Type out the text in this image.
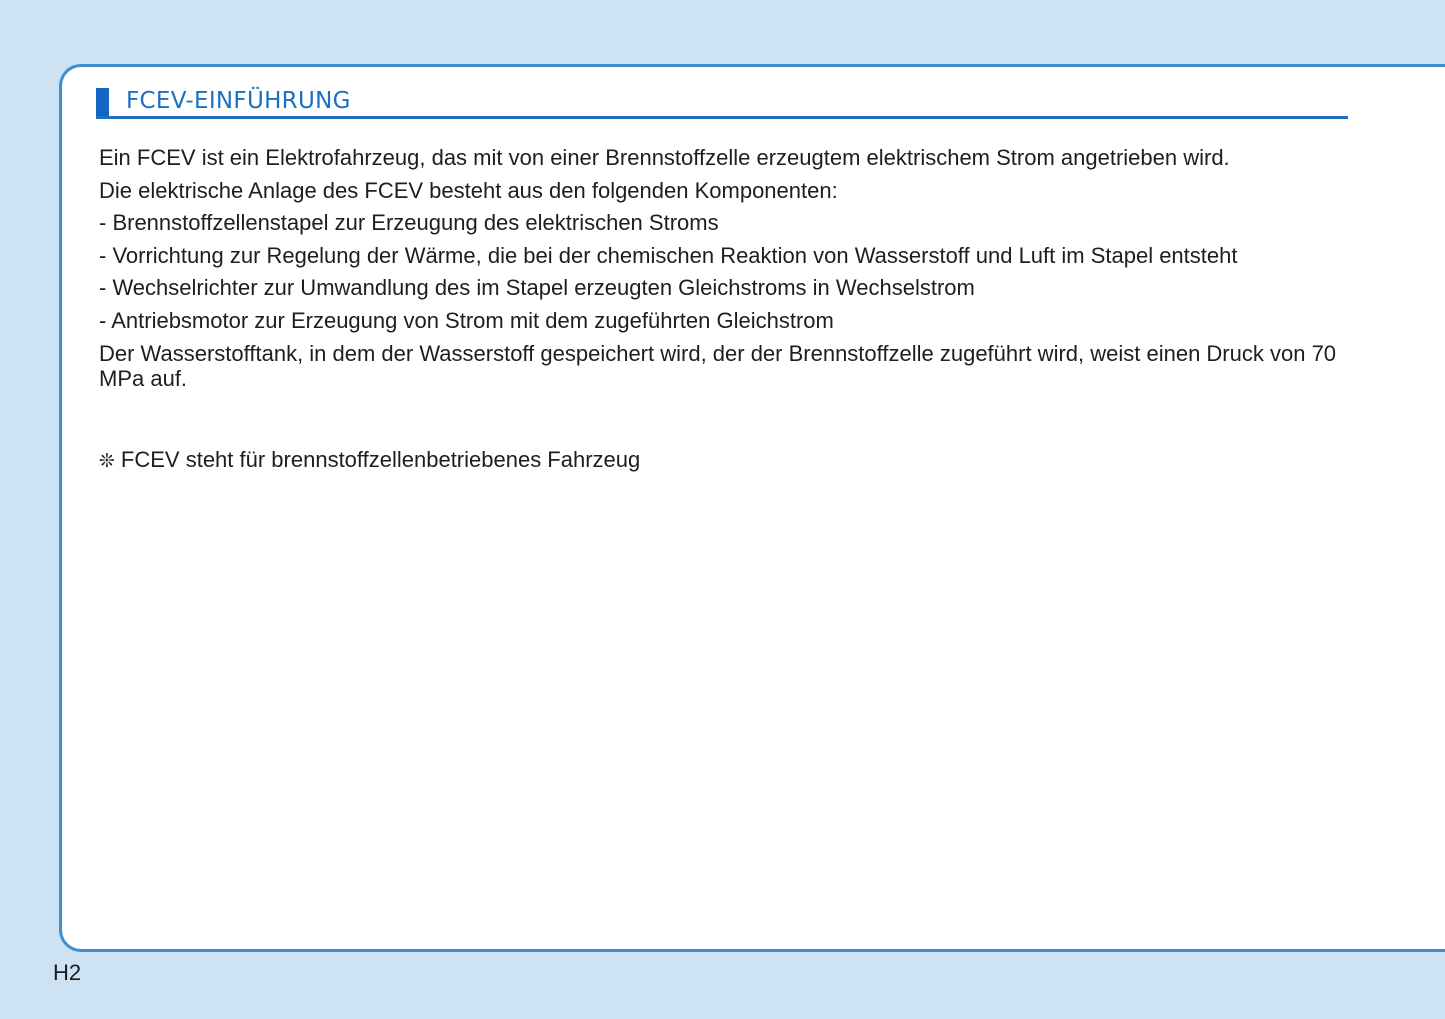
FCEV-EINFÜHRUNG

Ein FCEV ist ein Elektrofahrzeug, das mit von einer Brennstoffzelle erzeugtem elektrischem Strom angetrieben wird.

Die elektrische Anlage des FCEV besteht aus den folgenden Komponenten:

- Brennstoffzellenstapel zur Erzeugung des elektrischen Stroms

- Vorrichtung zur Regelung der Wärme, die bei der chemischen Reaktion von Wasserstoff und Luft im Stapel entsteht

- Wechselrichter zur Umwandlung des im Stapel erzeugten Gleichstroms in Wechselstrom

- Antriebsmotor zur Erzeugung von Strom mit dem zugeführten Gleichstrom

Der Wasserstofftank, in dem der Wasserstoff gespeichert wird, der der Brennstoffzelle zugeführt wird, weist einen Druck von 70 MPa auf.

❊ FCEV steht für brennstoffzellenbetriebenes Fahrzeug
H2
